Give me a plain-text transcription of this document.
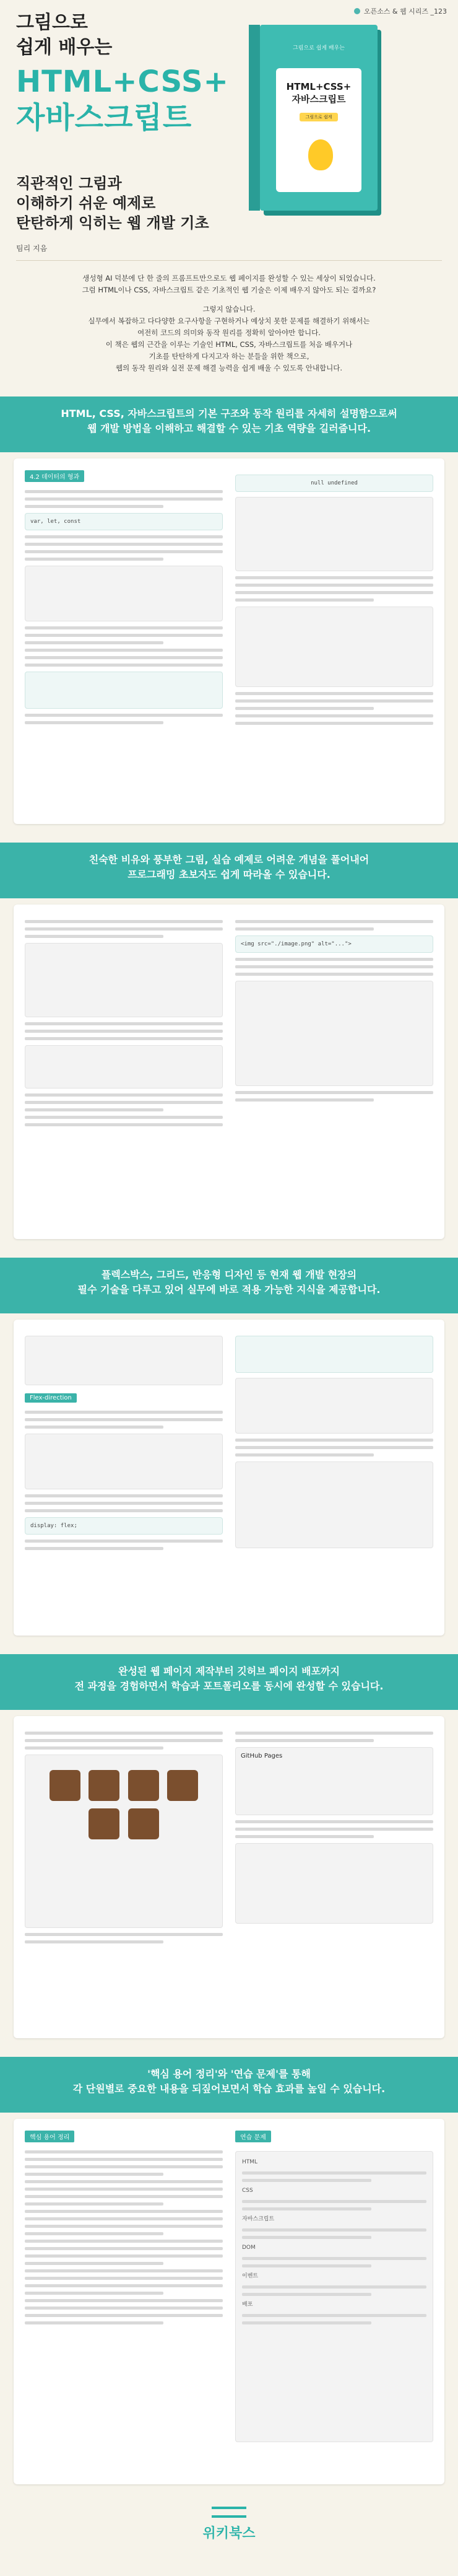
오픈소스 & 웹 시리즈 _123
그림으로
쉽게 배우는
HTML+CSS+
자바스크립트
그림으로 쉽게 배우는
HTML+CSS+
자바스크립트
그림으로 쉽게
직관적인 그림과
이해하기 쉬운 예제로
탄탄하게 익히는 웹 개발 기초
팀리 지음
생성형 AI 덕분에 단 한 줄의 프롬프트만으로도 웹 페이지를 완성할 수 있는 세상이 되었습니다.
그럼 HTML이나 CSS, 자바스크립트 같은 기초적인 웹 기술은 이제 배우지 않아도 되는 걸까요?
그렇지 않습니다.
실무에서 복잡하고 다다양한 요구사항을 구현하거나 예상치 못한 문제를 해결하기 위해서는
여전히 코드의 의미와 동작 원리를 정확히 알아야만 합니다.
이 책은 웹의 근간을 이루는 기술인 HTML, CSS, 자바스크립트를 처음 배우거나
기초를 탄탄하게 다지고자 하는 분들을 위한 책으로,
웹의 동작 원리와 실전 문제 해결 능력을 쉽게 배울 수 있도록 안내합니다.
HTML, CSS, 자바스크립트의 기본 구조와 동작 원리를 자세히 설명함으로써
웹 개발 방법을 이해하고 해결할 수 있는 기초 역량을 길러줍니다.
4.2 데이터의 형과
var, let, const
null undefined
친숙한 비유와 풍부한 그림, 실습 예제로 어려운 개념을 풀어내어
프로그래밍 초보자도 쉽게 따라올 수 있습니다.
<img src="./image.png" alt="...">
플렉스박스, 그리드, 반응형 디자인 등 현재 웹 개발 현장의
필수 기술을 다루고 있어 실무에 바로 적용 가능한 지식을 제공합니다.
Flex-direction
display: flex;
완성된 웹 페이지 제작부터 깃허브 페이지 배포까지
전 과정을 경험하면서 학습과 포트폴리오를 동시에 완성할 수 있습니다.

GitHub Pages
'핵심 용어 정리'와 '연습 문제'를 통해
각 단원별로 중요한 내용을 되짚어보면서 학습 효과를 높일 수 있습니다.
핵심 용어 정리	연습 문제
HTML
CSS
자바스크립트
DOM
이벤트
배포
위키북스
